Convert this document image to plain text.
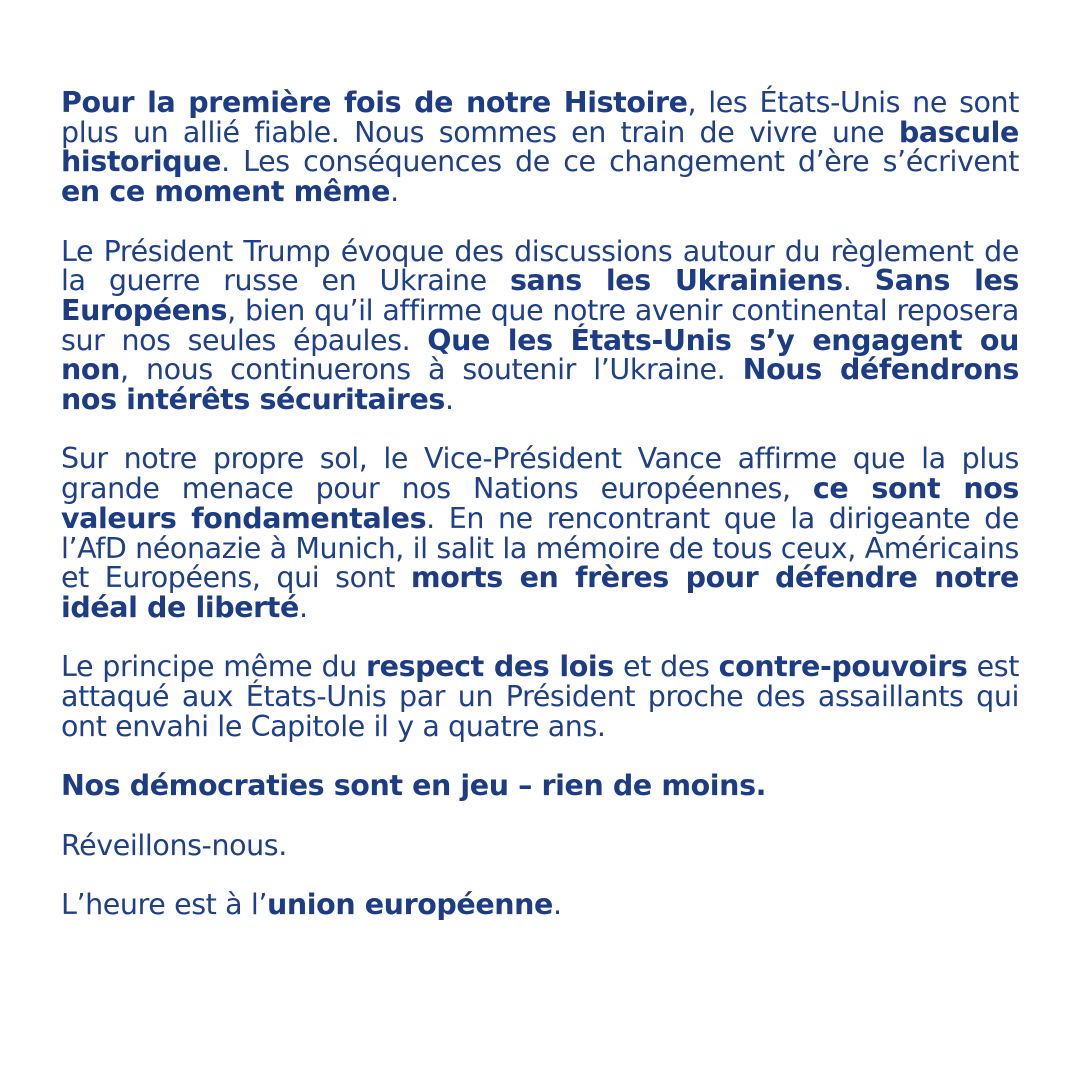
Pour la première fois de notre Histoire, les États-Unis ne sont plus un allié fiable. Nous sommes en train de vivre une bascule historique. Les conséquences de ce changement d’ère s’écrivent en ce moment même.

Le Président Trump évoque des discussions autour du règlement de la guerre russe en Ukraine sans les Ukrainiens. Sans les Européens, bien qu’il affirme que notre avenir continental reposera sur nos seules épaules. Que les États-Unis s’y engagent ou non, nous continuerons à soutenir l’Ukraine. Nous défendrons nos intérêts sécuritaires.

Sur notre propre sol, le Vice-Président Vance affirme que la plus grande menace pour nos Nations européennes, ce sont nos valeurs fondamentales. En ne rencontrant que la dirigeante de l’AfD néonazie à Munich, il salit la mémoire de tous ceux, Américains et Européens, qui sont morts en frères pour défendre notre idéal de liberté.

Le principe même du respect des lois et des contre-pouvoirs est attaqué aux États-Unis par un Président proche des assaillants qui ont envahi le Capitole il y a quatre ans.

Nos démocraties sont en jeu – rien de moins.

Réveillons-nous.

L’heure est à l’union européenne.
